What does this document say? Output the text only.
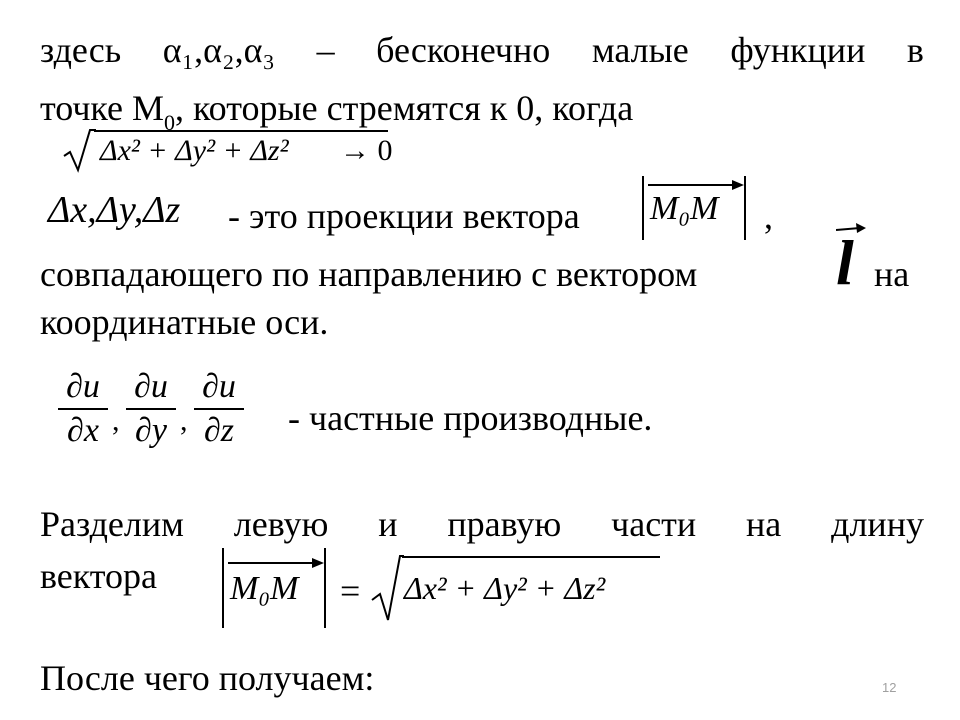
здесь α₁,α₂,α₃ – бесконечно малые функции в
точке $M_0$, которые стремятся к 0, когда
Δx² + Δy² + Δz² → 0
Δx,Δy,Δz - это проекции вектора M₀M ,
совпадающего по направлению с вектором l на
координатные оси.
$\frac{\partial u}{\partial x}$ , $\frac{\partial u}{\partial y}$ , $\frac{\partial u}{\partial z}$ - частные производные.
Разделим левую и правую части на длину
вектора M₀M = Δx² + Δy² + Δz²
После чего получаем:	12
